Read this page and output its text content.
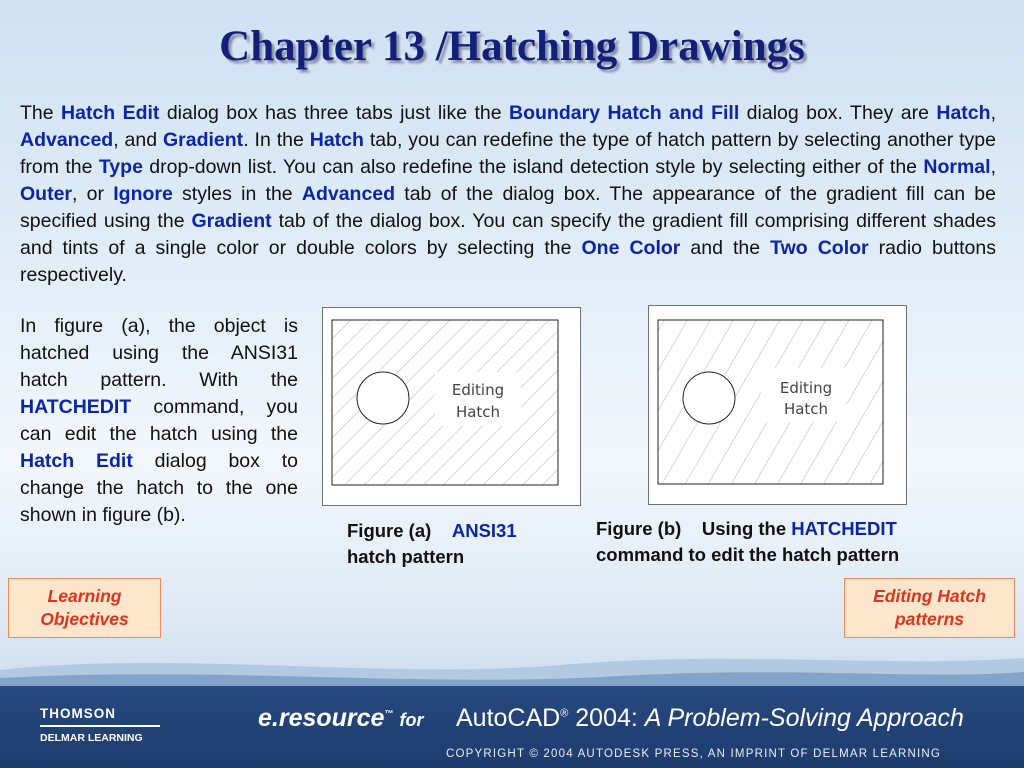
Chapter 13 /Hatching Drawings

The Hatch Edit dialog box has three tabs just like the Boundary Hatch and Fill dialog box. They are Hatch, Advanced, and Gradient. In the Hatch tab, you can redefine the type of hatch pattern by selecting another type from the Type drop-down list. You can also redefine the island detection style by selecting either of the Normal, Outer, or Ignore styles in the Advanced tab of the dialog box. The appearance of the gradient fill can be specified using the Gradient tab of the dialog box. You can specify the gradient fill comprising different shades and tints of a single color or double colors by selecting the One Color and the Two Color radio buttons respectively.

In figure (a), the object is hatched using the ANSI31 hatch pattern. With the HATCHEDIT command, you can edit the hatch using the Hatch Edit dialog box to change the hatch to the one shown in figure (b).

Editing
Hatch
Editing
Hatch
Figure (a) ANSI31
hatch pattern
Figure (b) Using the HATCHEDIT
command to edit the hatch pattern
Learning
Objectives
Editing Hatch
patterns
THOMSON
DELMAR LEARNING
e.resource™ for AutoCAD® 2004: A Problem-Solving Approach
COPYRIGHT © 2004 AUTODESK PRESS, AN IMPRINT OF DELMAR LEARNING
